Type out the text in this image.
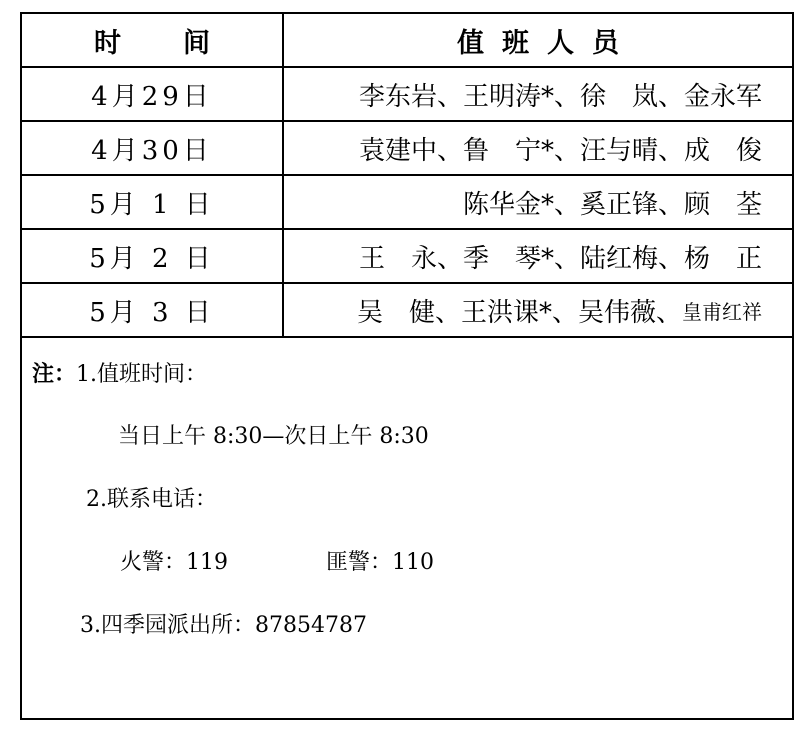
时间	值班人员
4月29日	李东岩、王明涛*、徐　岚、金永军
4月30日	袁建中、鲁　宁*、汪与晴、成　俊
5月 1 日	陈华金*、奚正锋、顾　荃
5月 2 日	王　永、季　琴*、陆红梅、杨　正
5月 3 日	吴　健、王洪课*、吴伟薇、 皇甫红祥
注：1.值班时间：
当日上午 8:30—次日上午 8:30
2.联系电话：
火警：119	匪警：110
3.四季园派出所：87854787
